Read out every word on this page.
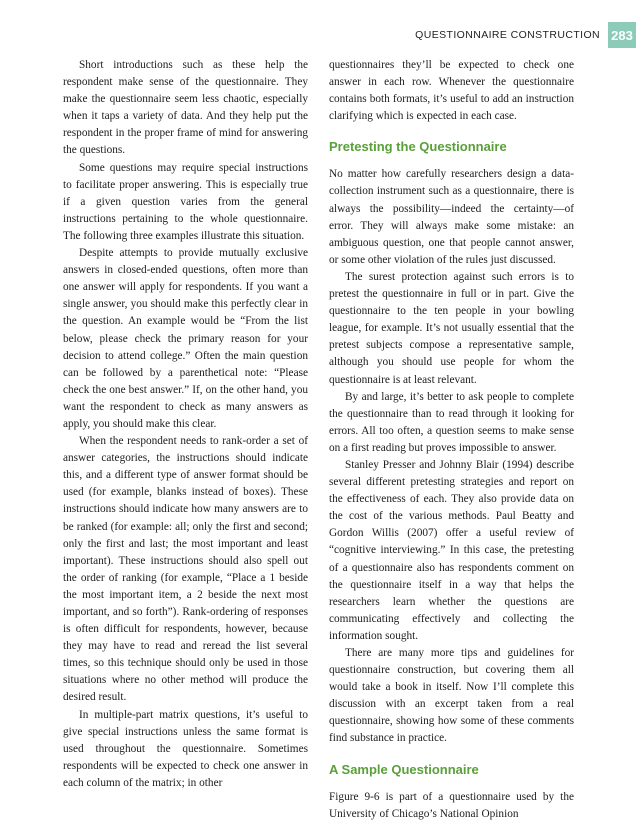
QUESTIONNAIRE CONSTRUCTION 283

Short introductions such as these help the respondent make sense of the questionnaire. They make the questionnaire seem less chaotic, especially when it taps a variety of data. And they help put the respondent in the proper frame of mind for answering the questions.

Some questions may require special instructions to facilitate proper answering. This is especially true if a given question varies from the general instructions pertaining to the whole questionnaire. The following three examples illustrate this situation.

Despite attempts to provide mutually exclusive answers in closed-ended questions, often more than one answer will apply for respondents. If you want a single answer, you should make this perfectly clear in the question. An example would be “From the list below, please check the primary reason for your decision to attend college.” Often the main question can be followed by a parenthetical note: “Please check the one best answer.” If, on the other hand, you want the respondent to check as many answers as apply, you should make this clear.

When the respondent needs to rank-order a set of answer categories, the instructions should indicate this, and a different type of answer format should be used (for example, blanks instead of boxes). These instructions should indicate how many answers are to be ranked (for example: all; only the first and second; only the first and last; the most important and least important). These instructions should also spell out the order of ranking (for example, “Place a 1 beside the most important item, a 2 beside the next most important, and so forth”). Rank-ordering of responses is often difficult for respondents, however, because they may have to read and reread the list several times, so this technique should only be used in those situations where no other method will produce the desired result.

In multiple-part matrix questions, it’s useful to give special instructions unless the same format is used throughout the questionnaire. Sometimes respondents will be expected to check one answer in each column of the matrix; in other

questionnaires they’ll be expected to check one answer in each row. Whenever the questionnaire contains both formats, it’s useful to add an instruction clarifying which is expected in each case.

Pretesting the Questionnaire

No matter how carefully researchers design a data-collection instrument such as a questionnaire, there is always the possibility—indeed the certainty—of error. They will always make some mistake: an ambiguous question, one that people cannot answer, or some other violation of the rules just discussed.

The surest protection against such errors is to pretest the questionnaire in full or in part. Give the questionnaire to the ten people in your bowling league, for example. It’s not usually essential that the pretest subjects compose a representative sample, although you should use people for whom the questionnaire is at least relevant.

By and large, it’s better to ask people to complete the questionnaire than to read through it looking for errors. All too often, a question seems to make sense on a first reading but proves impossible to answer.

Stanley Presser and Johnny Blair (1994) describe several different pretesting strategies and report on the effectiveness of each. They also provide data on the cost of the various methods. Paul Beatty and Gordon Willis (2007) offer a useful review of “cognitive interviewing.” In this case, the pretesting of a questionnaire also has respondents comment on the questionnaire itself in a way that helps the researchers learn whether the questions are communicating effectively and collecting the information sought.

There are many more tips and guidelines for questionnaire construction, but covering them all would take a book in itself. Now I’ll complete this discussion with an excerpt taken from a real questionnaire, showing how some of these comments find substance in practice.

A Sample Questionnaire

Figure 9-6 is part of a questionnaire used by the University of Chicago’s National Opinion
